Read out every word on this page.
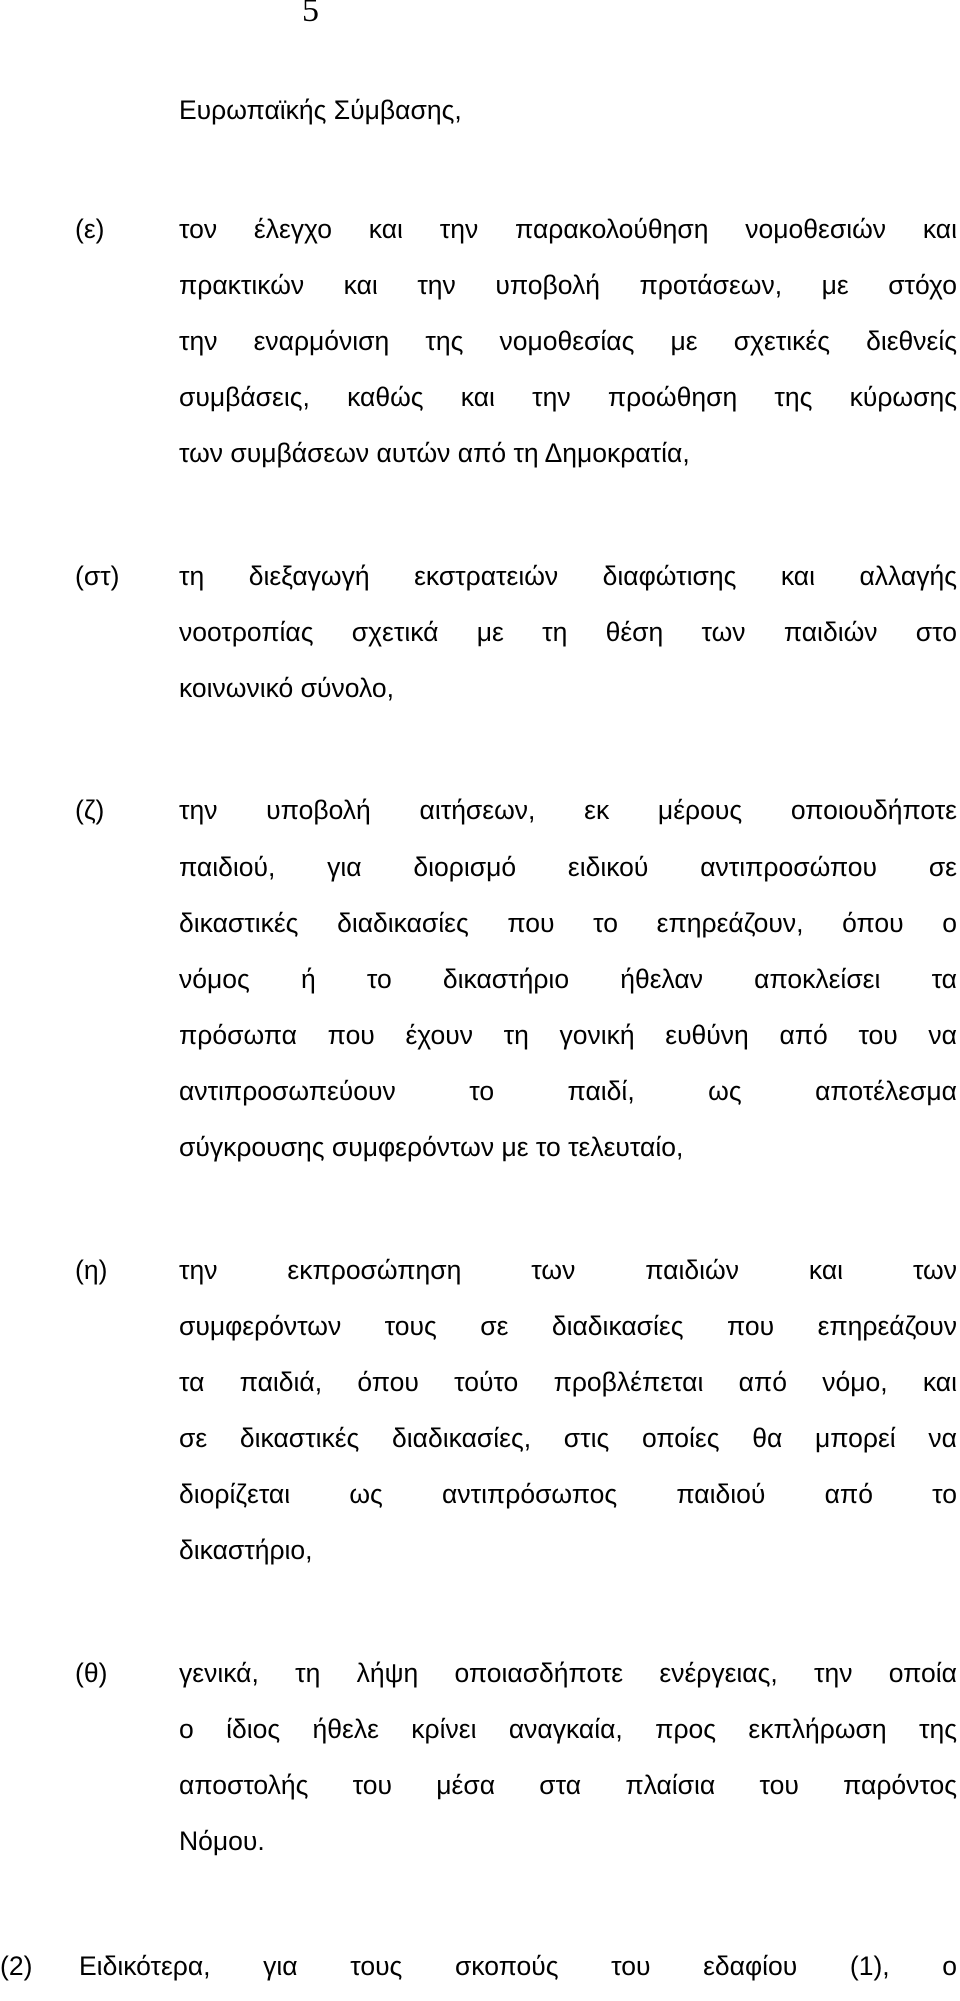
5
Ευρωπαϊκής Σύμβασης,
(ε)	τον έλεγχο και την παρακολούθηση νομοθεσιών και
πρακτικών και την υποβολή προτάσεων, με στόχο
την εναρμόνιση της νομοθεσίας με σχετικές διεθνείς
συμβάσεις, καθώς και την προώθηση της κύρωσης
των συμβάσεων αυτών από τη Δημοκρατία,
(στ) τη διεξαγωγή εκστρατειών διαφώτισης και αλλαγής
νοοτροπίας σχετικά με τη θέση των παιδιών στο
κοινωνικό σύνολο,
(ζ)	την υποβολή αιτήσεων, εκ μέρους οποιουδήποτε
παιδιού, για διορισμό ειδικού αντιπροσώπου σε
δικαστικές διαδικασίες που το επηρεάζουν, όπου ο
νόμος ή το δικαστήριο ήθελαν αποκλείσει τα
πρόσωπα που έχουν τη γονική ευθύνη από του να
αντιπροσωπεύουν το παιδί, ως αποτέλεσμα
σύγκρουσης συμφερόντων με το τελευταίο,
(η)	την εκπροσώπηση των παιδιών και των
συμφερόντων τους σε διαδικασίες που επηρεάζουν
τα παιδιά, όπου τούτο προβλέπεται από νόμο, και
σε δικαστικές διαδικασίες, στις οποίες θα μπορεί να
διορίζεται ως αντιπρόσωπος παιδιού από το
δικαστήριο,
(θ)	γενικά, τη λήψη οποιασδήποτε ενέργειας, την οποία
ο ίδιος ήθελε κρίνει αναγκαία, προς εκπλήρωση της
αποστολής του μέσα στα πλαίσια του παρόντος
Νόμου.
(2) Ειδικότερα, για τους σκοπούς του εδαφίου (1), ο
